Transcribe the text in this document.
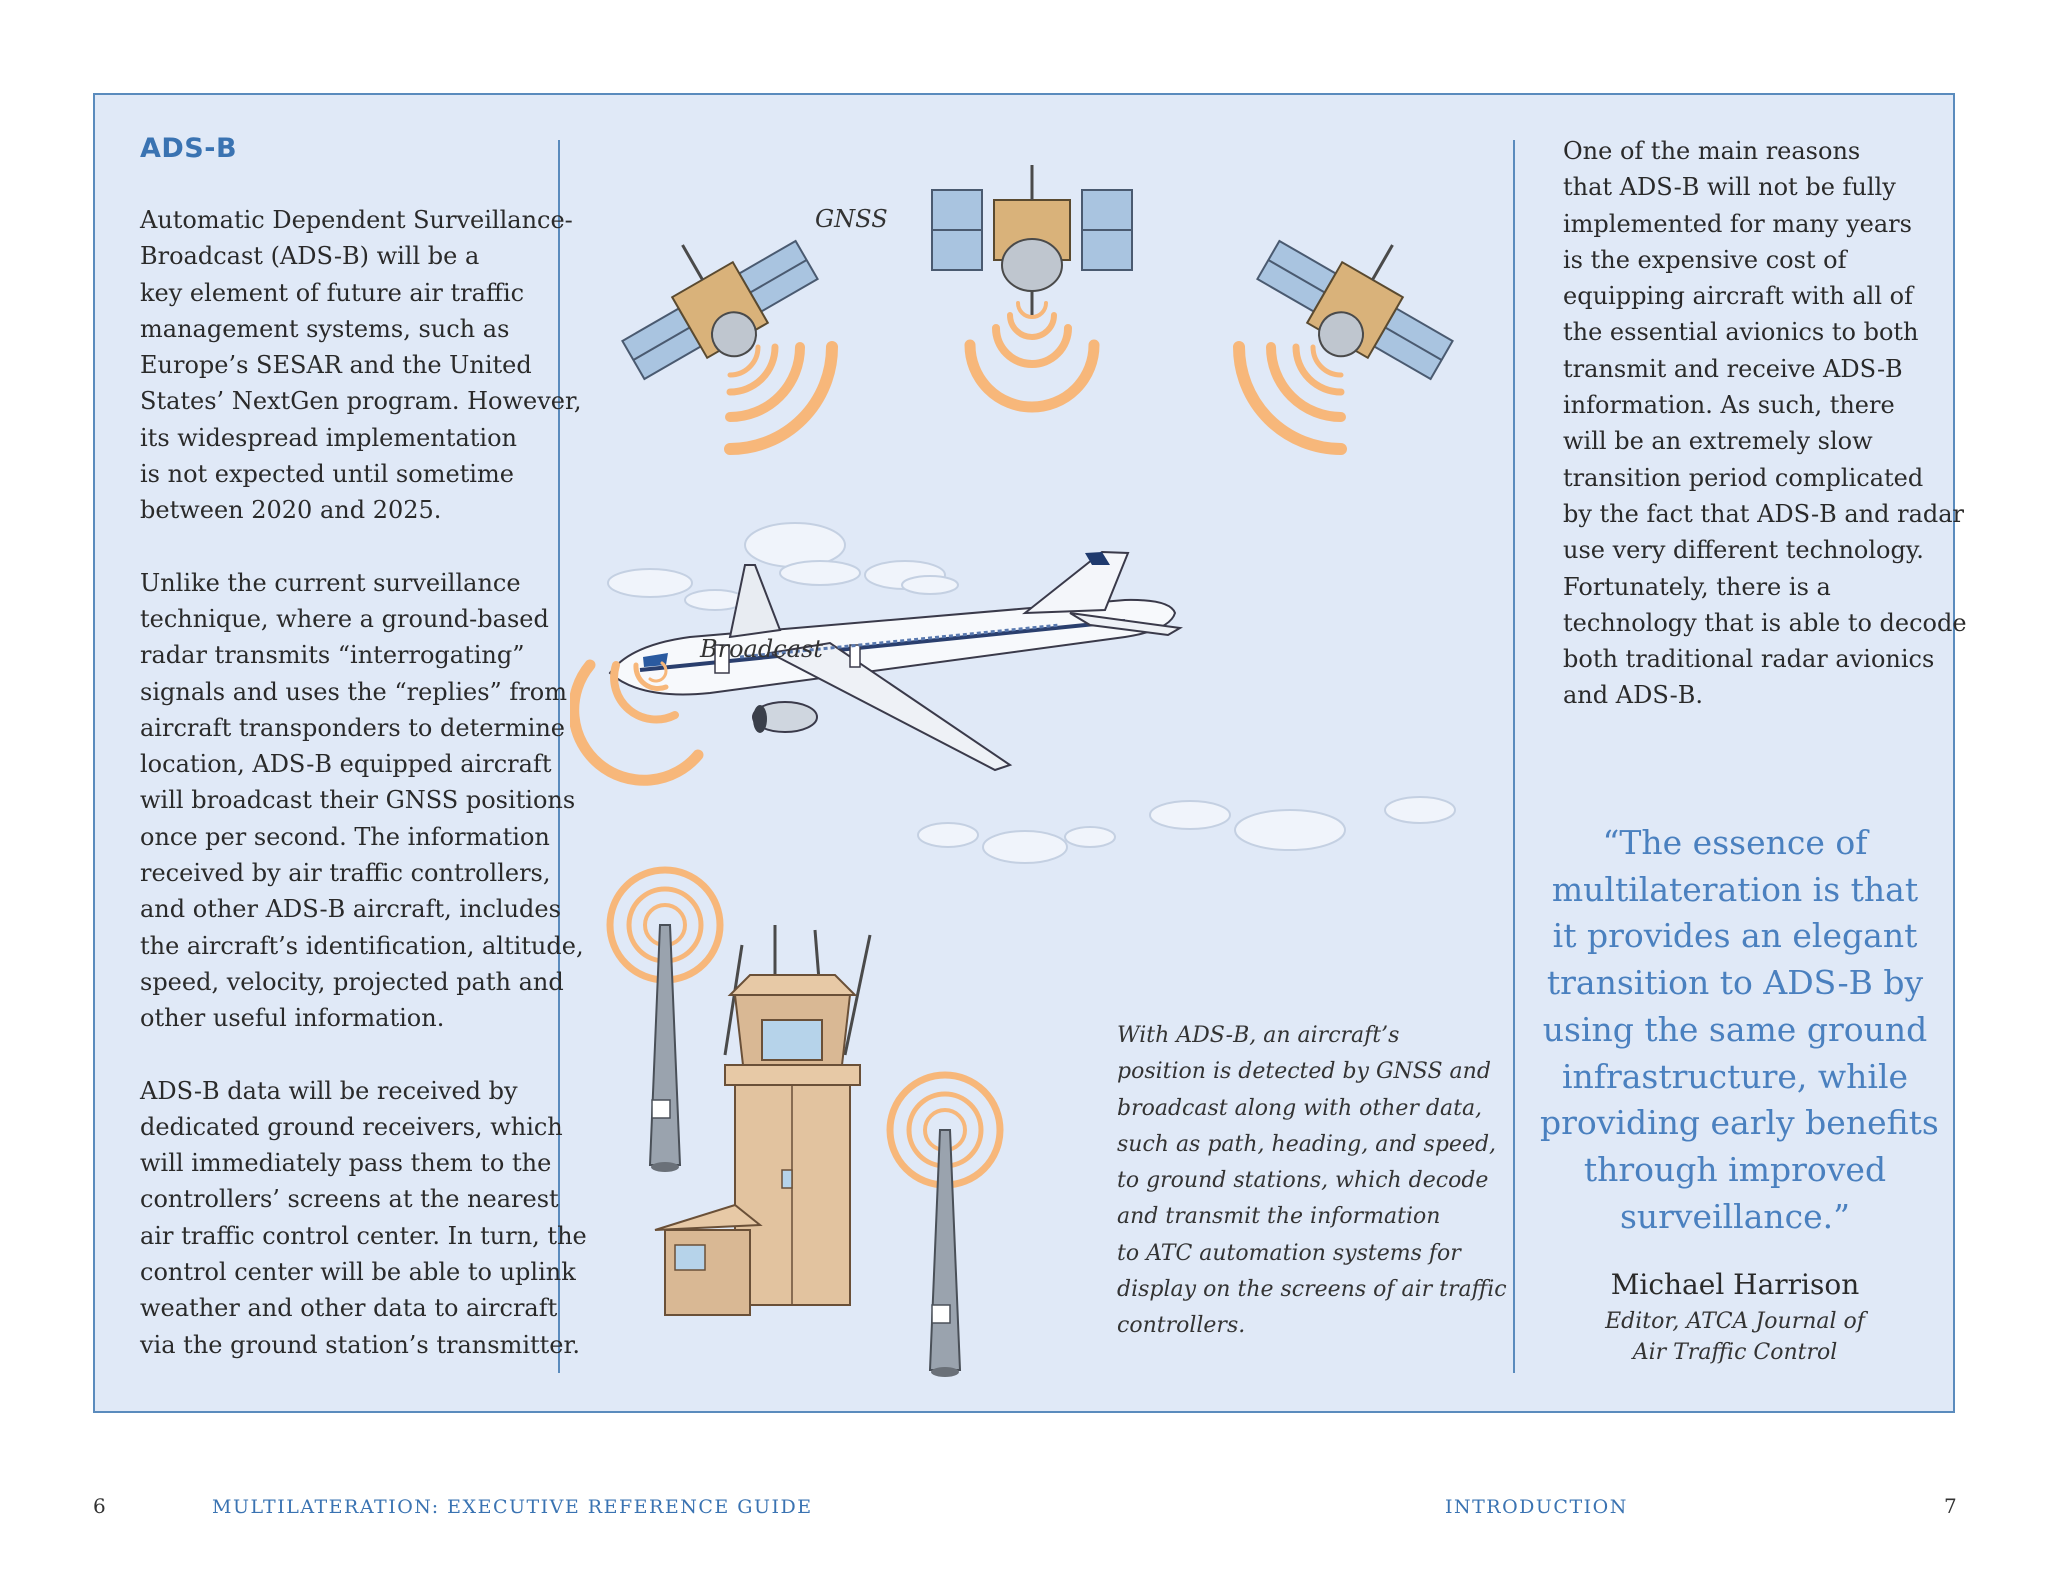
ADS-B

Automatic Dependent Surveillance-
Broadcast (ADS-B) will be a
key element of future air traffic
management systems, such as
Europe’s SESAR and the United
States’ NextGen program. However,
its widespread implementation
is not expected until sometime
between 2020 and 2025.

Unlike the current surveillance
technique, where a ground-based
radar transmits “interrogating”
signals and uses the “replies” from
aircraft transponders to determine
location, ADS-B equipped aircraft
will broadcast their GNSS positions
once per second. The information
received by air traffic controllers,
and other ADS-B aircraft, includes
the aircraft’s identification, altitude,
speed, velocity, projected path and
other useful information.

ADS-B data will be received by
dedicated ground receivers, which
will immediately pass them to the
controllers’ screens at the nearest
air traffic control center. In turn, the
control center will be able to uplink
weather and other data to aircraft
via the ground station’s transmitter.

GNSS
Broadcast
With ADS-B, an aircraft’s
position is detected by GNSS and
broadcast along with other data,
such as path, heading, and speed,
to ground stations, which decode
and transmit the information
to ATC automation systems for
display on the screens of air traffic
controllers.

One of the main reasons
that ADS-B will not be fully
implemented for many years
is the expensive cost of
equipping aircraft with all of
the essential avionics to both
transmit and receive ADS-B
information. As such, there
will be an extremely slow
transition period complicated
by the fact that ADS-B and radar
use very different technology.
Fortunately, there is a
technology that is able to decode
both traditional radar avionics
and ADS-B.

“The essence of
multilateration is that
it provides an elegant
transition to ADS-B by
using the same ground
infrastructure, while
providing early benefits
through improved
surveillance.”
Michael Harrison
Editor, ATCA Journal of
Air Traffic Control
6	MULTILATERATION: EXECUTIVE REFERENCE GUIDE	INTRODUCTION	7
